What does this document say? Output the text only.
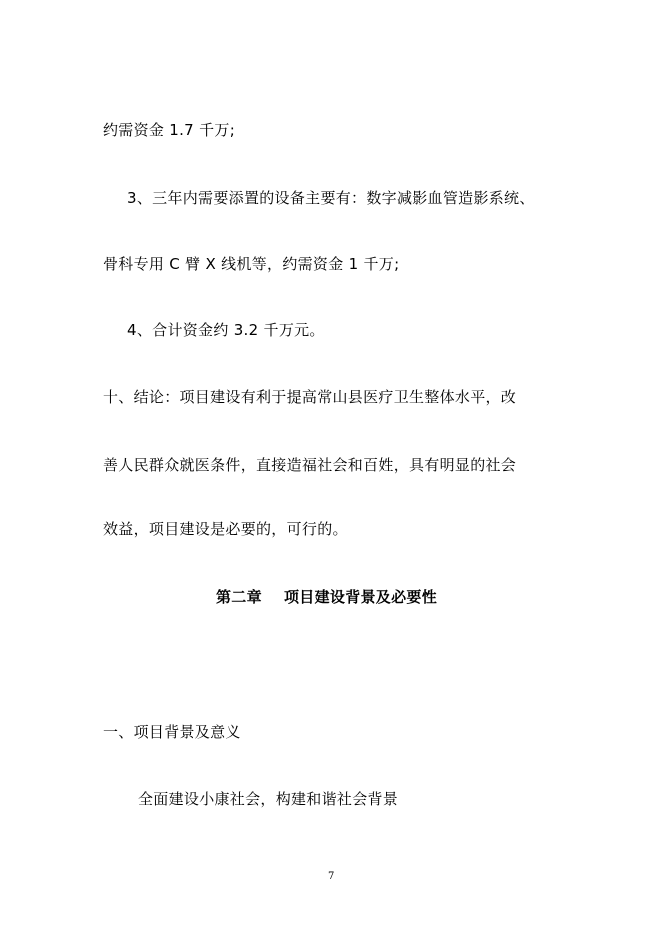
约需资金 1.7 千万;
3、三年内需要添置的设备主要有：数字减影血管造影系统、
骨科专用 C 臂 X 线机等，约需资金 1 千万;
4、合计资金约 3.2 千万元。
十、结论：项目建设有利于提高常山县医疗卫生整体水平，改
善人民群众就医条件，直接造福社会和百姓，具有明显的社会
效益，项目建设是必要的，可行的。
第二章    项目建设背景及必要性
一、项目背景及意义
全面建设小康社会，构建和谐社会背景
7
